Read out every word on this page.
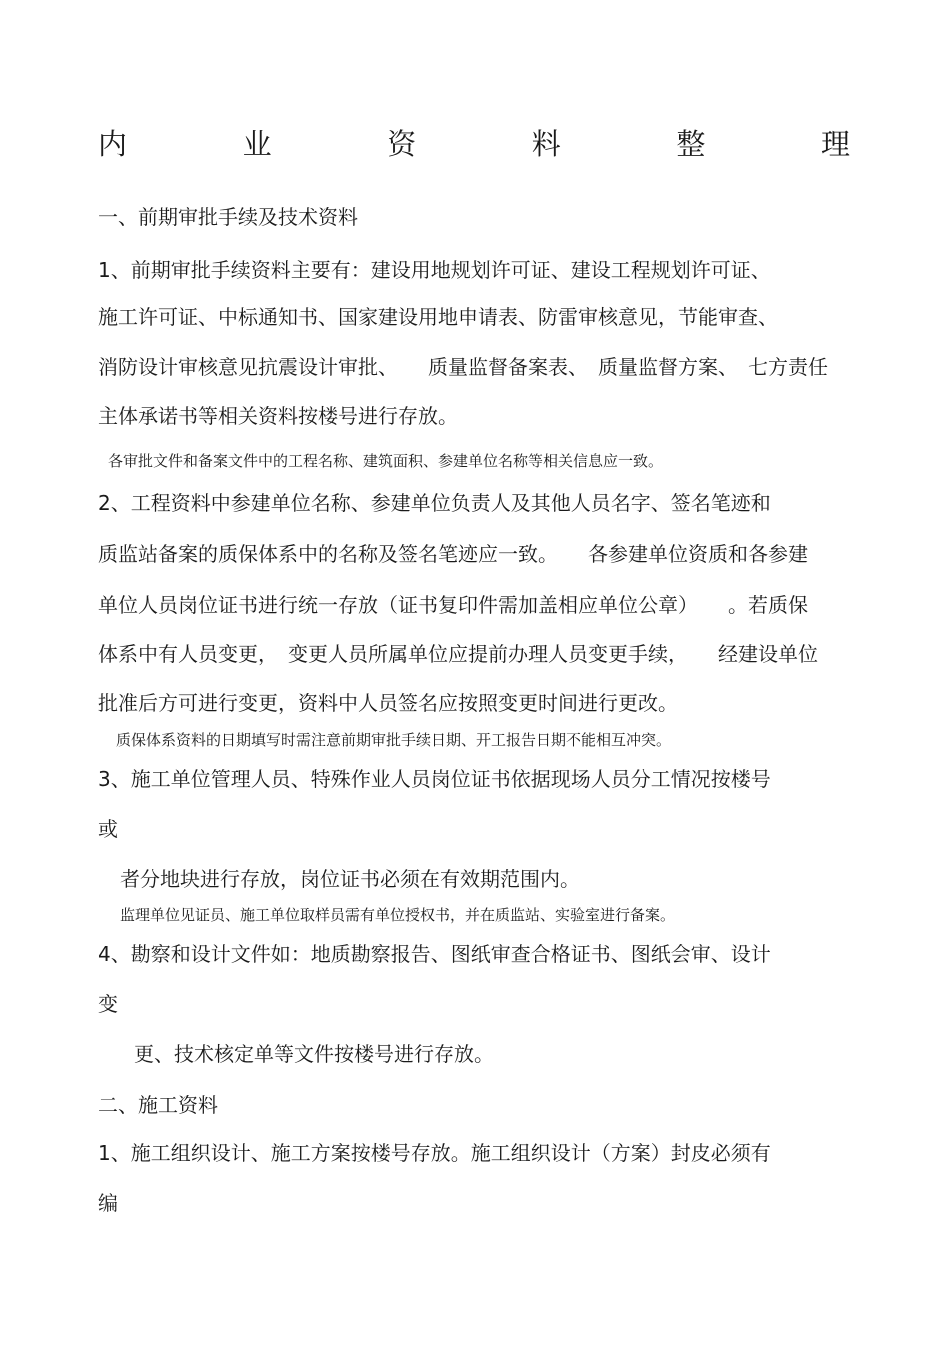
内	业	资	料	整	理
一、前期审批手续及技术资料
1、前期审批手续资料主要有：建设用地规划许可证、建设工程规划许可证、
施工许可证、中标通知书、国家建设用地申请表、防雷审核意见，节能审查、
消防设计审核意见抗震设计审批、　　质量监督备案表、　质量监督方案、　七方责任
主体承诺书等相关资料按楼号进行存放。
各审批文件和备案文件中的工程名称、建筑面积、参建单位名称等相关信息应一致。
2、工程资料中参建单位名称、参建单位负责人及其他人员名字、签名笔迹和
质监站备案的质保体系中的名称及签名笔迹应一致。　　各参建单位资质和各参建
单位人员岗位证书进行统一存放（证书复印件需加盖相应单位公章）　　。若质保
体系中有人员变更，　变更人员所属单位应提前办理人员变更手续，　　经建设单位
批准后方可进行变更，资料中人员签名应按照变更时间进行更改。
质保体系资料的日期填写时需注意前期审批手续日期、开工报告日期不能相互冲突。
3、施工单位管理人员、特殊作业人员岗位证书依据现场人员分工情况按楼号
或
者分地块进行存放，岗位证书必须在有效期范围内。
监理单位见证员、施工单位取样员需有单位授权书，并在质监站、实验室进行备案。
4、勘察和设计文件如：地质勘察报告、图纸审查合格证书、图纸会审、设计
变
更、技术核定单等文件按楼号进行存放。
二、施工资料
1、施工组织设计、施工方案按楼号存放。施工组织设计（方案）封皮必须有
编
